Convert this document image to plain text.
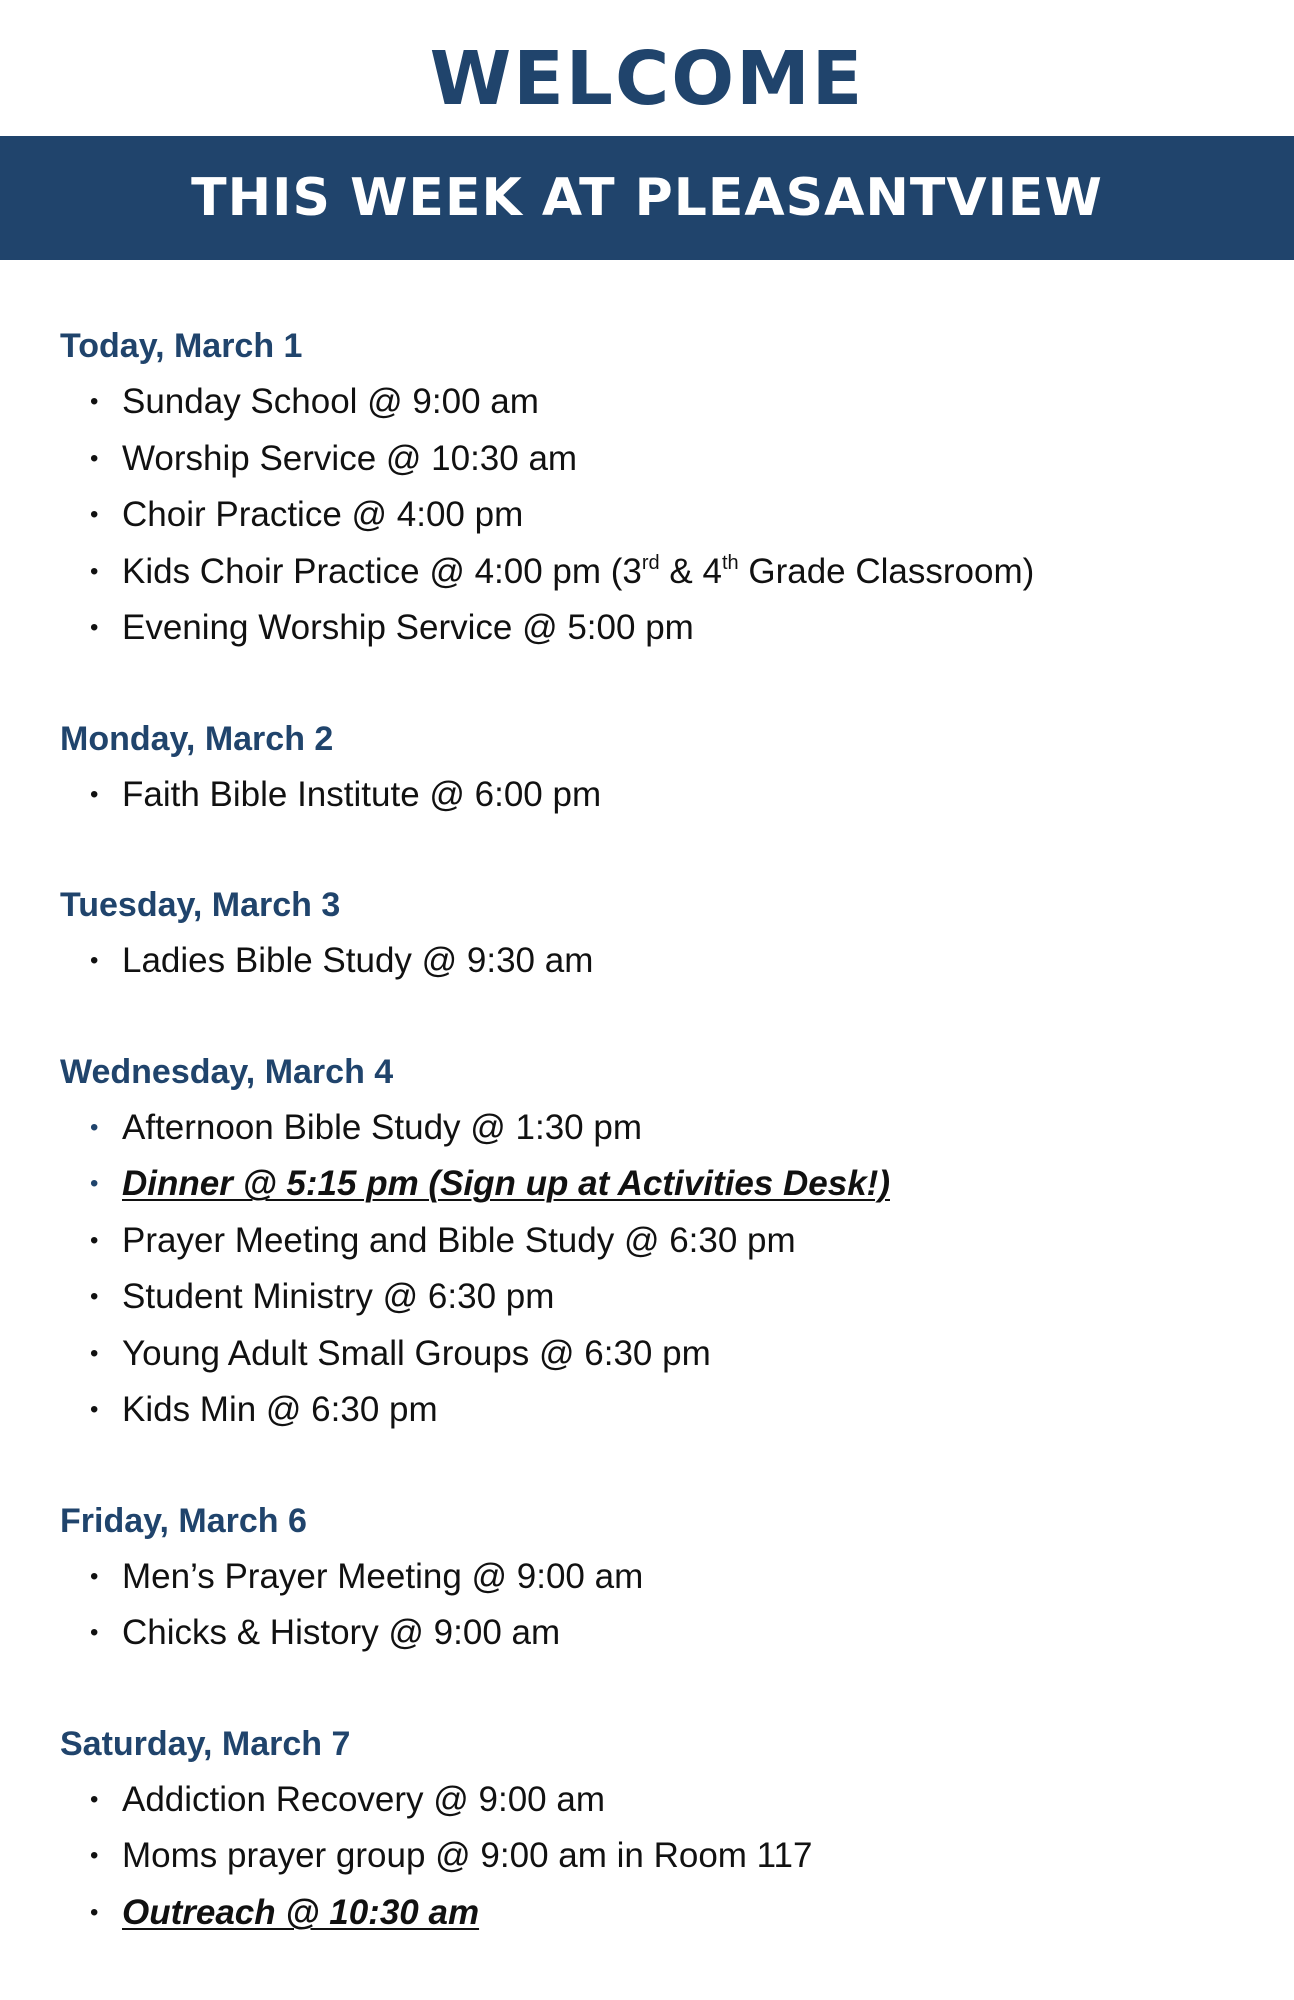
WELCOME
THIS WEEK AT PLEASANTVIEW
Today, March 1
• Sunday School @ 9:00 am
• Worship Service @ 10:30 am
• Choir Practice @ 4:00 pm
• Kids Choir Practice @ 4:00 pm (3rd & 4th Grade Classroom)
• Evening Worship Service @ 5:00 pm
Monday, March 2
• Faith Bible Institute @ 6:00 pm
Tuesday, March 3
• Ladies Bible Study @ 9:30 am
Wednesday, March 4
• Afternoon Bible Study @ 1:30 pm
• Dinner @ 5:15 pm (Sign up at Activities Desk!)
• Prayer Meeting and Bible Study @ 6:30 pm
• Student Ministry @ 6:30 pm
• Young Adult Small Groups @ 6:30 pm
• Kids Min @ 6:30 pm
Friday, March 6
• Men’s Prayer Meeting @ 9:00 am
• Chicks & History @ 9:00 am
Saturday, March 7
• Addiction Recovery @ 9:00 am
• Moms prayer group @ 9:00 am in Room 117
• Outreach @ 10:30 am
